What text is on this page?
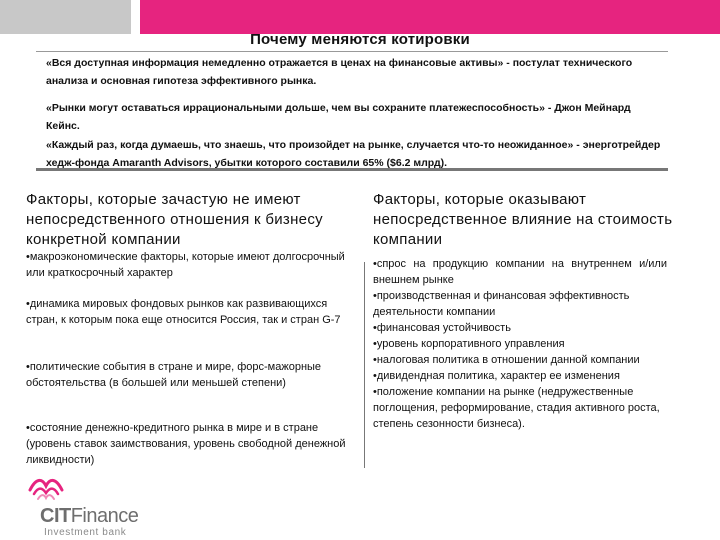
Почему меняются котировки
«Вся доступная информация немедленно отражается в ценах на финансовые активы» - постулат технического анализа и основная гипотеза эффективного рынка.
«Рынки могут оставаться иррациональными дольше, чем вы сохраните платежеспособность» - Джон Мейнард Кейнс.
«Каждый раз, когда думаешь, что знаешь, что произойдет на рынке, случается что-то неожиданное» - энерготрейдер хедж-фонда Amaranth Advisors, убытки которого составили 65% ($6.2 млрд).
Факторы, которые зачастую не имеют непосредственного отношения к бизнесу конкретной компании
Факторы, которые оказывают непосредственное влияние на стоимость компании
•макроэкономические факторы, которые имеют долгосрочный или краткосрочный характер
•динамика мировых фондовых рынков как развивающихся стран, к которым пока еще относится Россия, так и стран G-7
•политические события в стране и мире, форс-мажорные обстоятельства (в большей или меньшей степени)
•состояние денежно-кредитного рынка в мире и в стране (уровень ставок заимствования, уровень свободной денежной ликвидности)
•спрос на продукцию компании на внутреннем и/или внешнем рынке
•производственная и финансовая эффективность деятельности компании
•финансовая устойчивость
•уровень корпоративного управления
•налоговая политика в отношении данной компании
•дивидендная политика, характер ее изменения
•положение компании на рынке (недружественные поглощения, реформирование, стадия активного роста, степень сезонности бизнеса).
CITFinance
Investment bank
